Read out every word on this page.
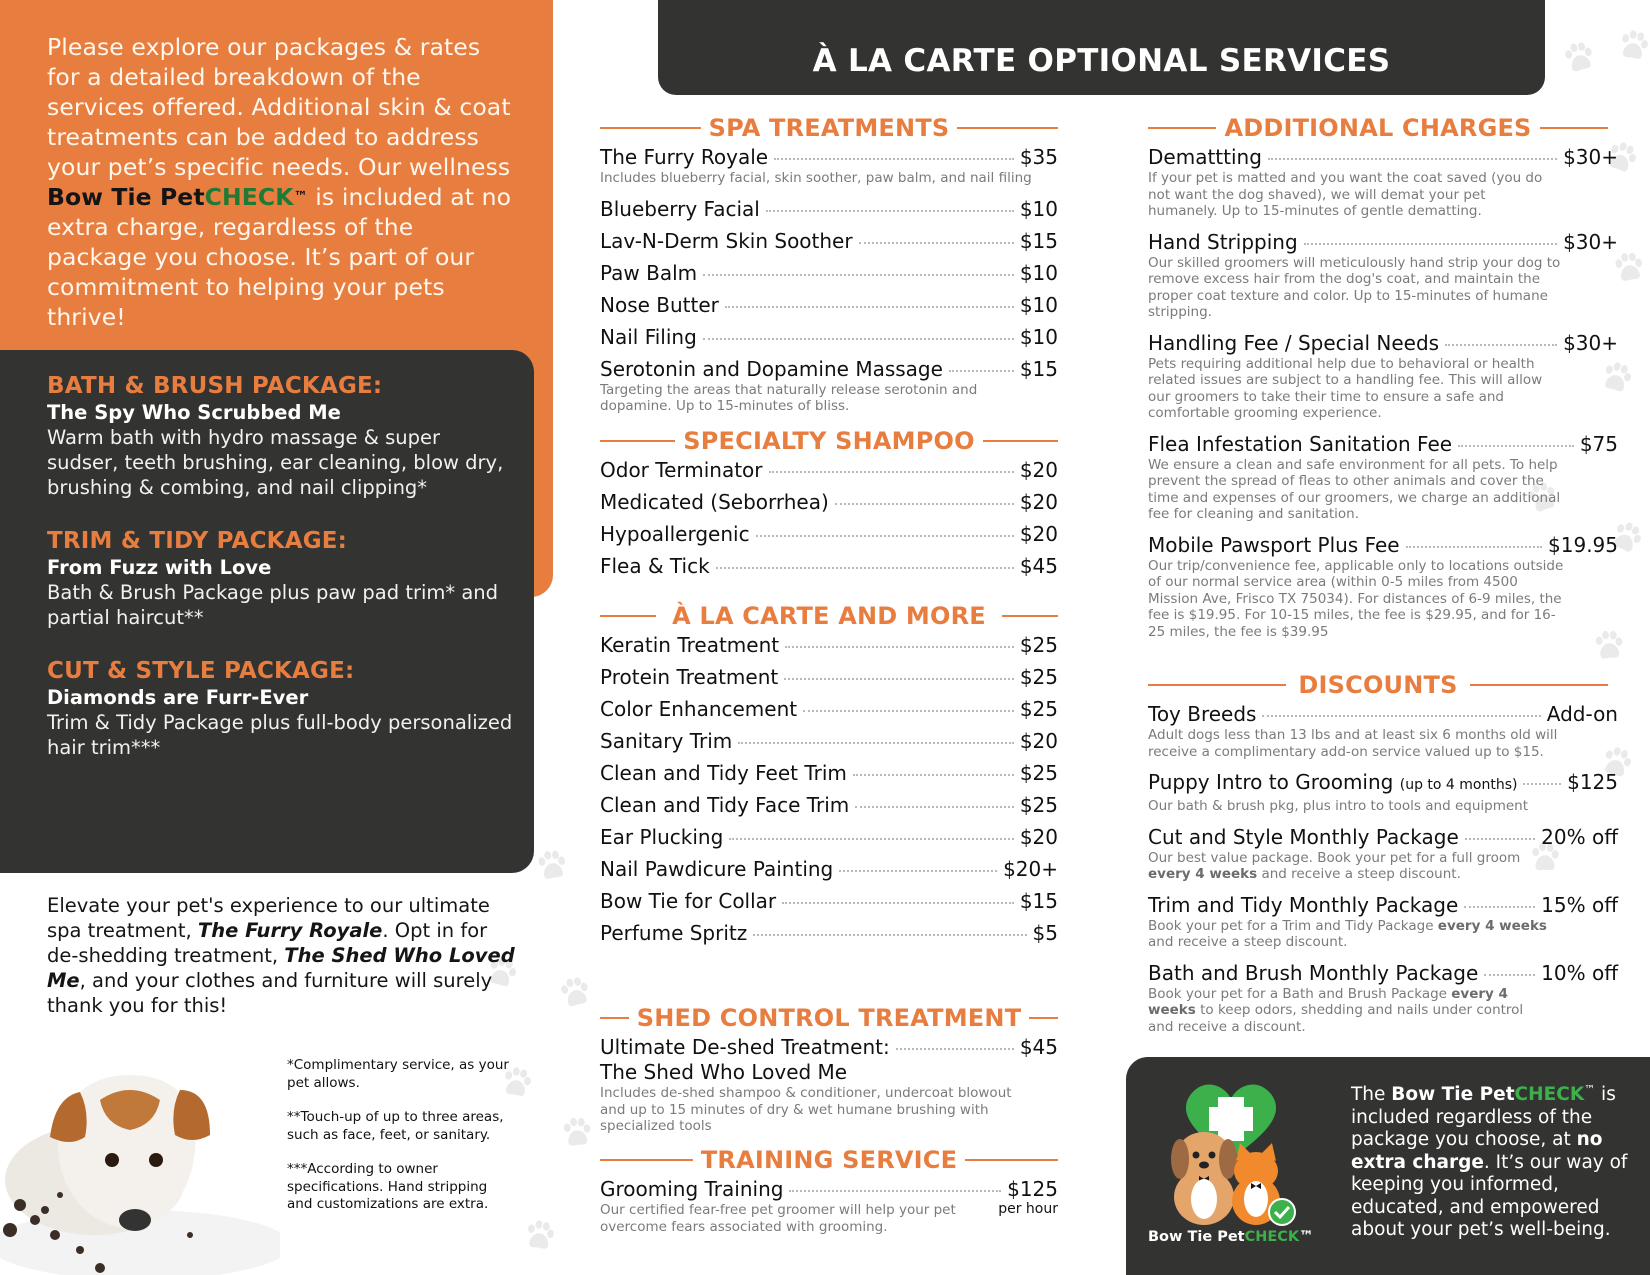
Please explore our packages & rates for a detailed breakdown of the services offered. Additional skin & coat treatments can be added to address your pet’s specific needs. Our wellness Bow Tie PetCHECK™ is included at no extra charge, regardless of the package you choose. It’s part of our commitment to helping your pets thrive!

BATH & BRUSH PACKAGE:
The Spy Who Scrubbed Me
Warm bath with hydro massage & super sudser, teeth brushing, ear cleaning, blow dry, brushing & combing, and nail clipping*
TRIM & TIDY PACKAGE:
From Fuzz with Love
Bath & Brush Package plus paw pad trim* and partial haircut**
CUT & STYLE PACKAGE:
Diamonds are Furr-Ever
Trim & Tidy Package plus full-body personalized hair trim***

Elevate your pet's experience to our ultimate spa treatment, The Furry Royale. Opt in for de-shedding treatment, The Shed Who Loved Me, and your clothes and furniture will surely thank you for this!

*Complimentary service, as your pet allows.

**Touch-up of up to three areas, such as face, feet, or sanitary.

***According to owner specifications. Hand stripping and customizations are extra.

À LA CARTE OPTIONAL SERVICES
SPA TREATMENTS
The Furry Royale	$35
Includes blueberry facial, skin soother, paw balm, and nail filing
Blueberry Facial	$10
Lav-N-Derm Skin Soother	$15
Paw Balm	$10
Nose Butter	$10
Nail Filing	$10
Serotonin and Dopamine Massage	$15
Targeting the areas that naturally release serotonin and dopamine. Up to 15-minutes of bliss.
SPECIALTY SHAMPOO
Odor Terminator	$20
Medicated (Seborrhea)	$20
Hypoallergenic	$20
Flea & Tick	$45
À LA CARTE AND MORE
Keratin Treatment	$25
Protein Treatment	$25
Color Enhancement	$25
Sanitary Trim	$20
Clean and Tidy Feet Trim	$25
Clean and Tidy Face Trim	$25
Ear Plucking	$20
Nail Pawdicure Painting	$20+
Bow Tie for Collar	$15
Perfume Spritz	$5
SHED CONTROL TREATMENT
Ultimate De-shed Treatment:	$45
The Shed Who Loved Me
Includes de-shed shampoo & conditioner, undercoat blowout and up to 15 minutes of dry & wet humane brushing with specialized tools
TRAINING SERVICE
Grooming Training	$125
per hour
Our certified fear-free pet groomer will help your pet overcome fears associated with grooming.
ADDITIONAL CHARGES
Demattting	$30+
If your pet is matted and you want the coat saved (you do not want the dog shaved), we will demat your pet humanely. Up to 15-minutes of gentle dematting.
Hand Stripping	$30+
Our skilled groomers will meticulously hand strip your dog to remove excess hair from the dog's coat, and maintain the proper coat texture and color. Up to 15-minutes of humane stripping.
Handling Fee / Special Needs	$30+
Pets requiring additional help due to behavioral or health related issues are subject to a handling fee. This will allow our groomers to take their time to ensure a safe and comfortable grooming experience.
Flea Infestation Sanitation Fee	$75
We ensure a clean and safe environment for all pets. To help prevent the spread of fleas to other animals and cover the time and expenses of our groomers, we charge an additional fee for cleaning and sanitation.
Mobile Pawsport Plus Fee	$19.95
Our trip/convenience fee, applicable only to locations outside of our normal service area (within 0-5 miles from 4500 Mission Ave, Frisco TX 75034). For distances of 6-9 miles, the fee is $19.95. For 10-15 miles, the fee is $29.95, and for 16-25 miles, the fee is $39.95
DISCOUNTS
Toy Breeds	Add-on
Adult dogs less than 13 lbs and at least six 6 months old will receive a complimentary add-on service valued up to $15.
Puppy Intro to Grooming (up to 4 months) $125
Our bath & brush pkg, plus intro to tools and equipment
Cut and Style Monthly Package	20% off
Our best value package. Book your pet for a full groom every 4 weeks and receive a steep discount.
Trim and Tidy Monthly Package	15% off
Book your pet for a Trim and Tidy Package every 4 weeks and receive a steep discount.
Bath and Brush Monthly Package	10% off
Book your pet for a Bath and Brush Package every 4 weeks to keep odors, shedding and nails under control and receive a discount.
Bow Tie PetCHECK™

The Bow Tie PetCHECK™ is included regardless of the package you choose, at no extra charge. It’s our way of keeping you informed, educated, and empowered about your pet’s well-being.
